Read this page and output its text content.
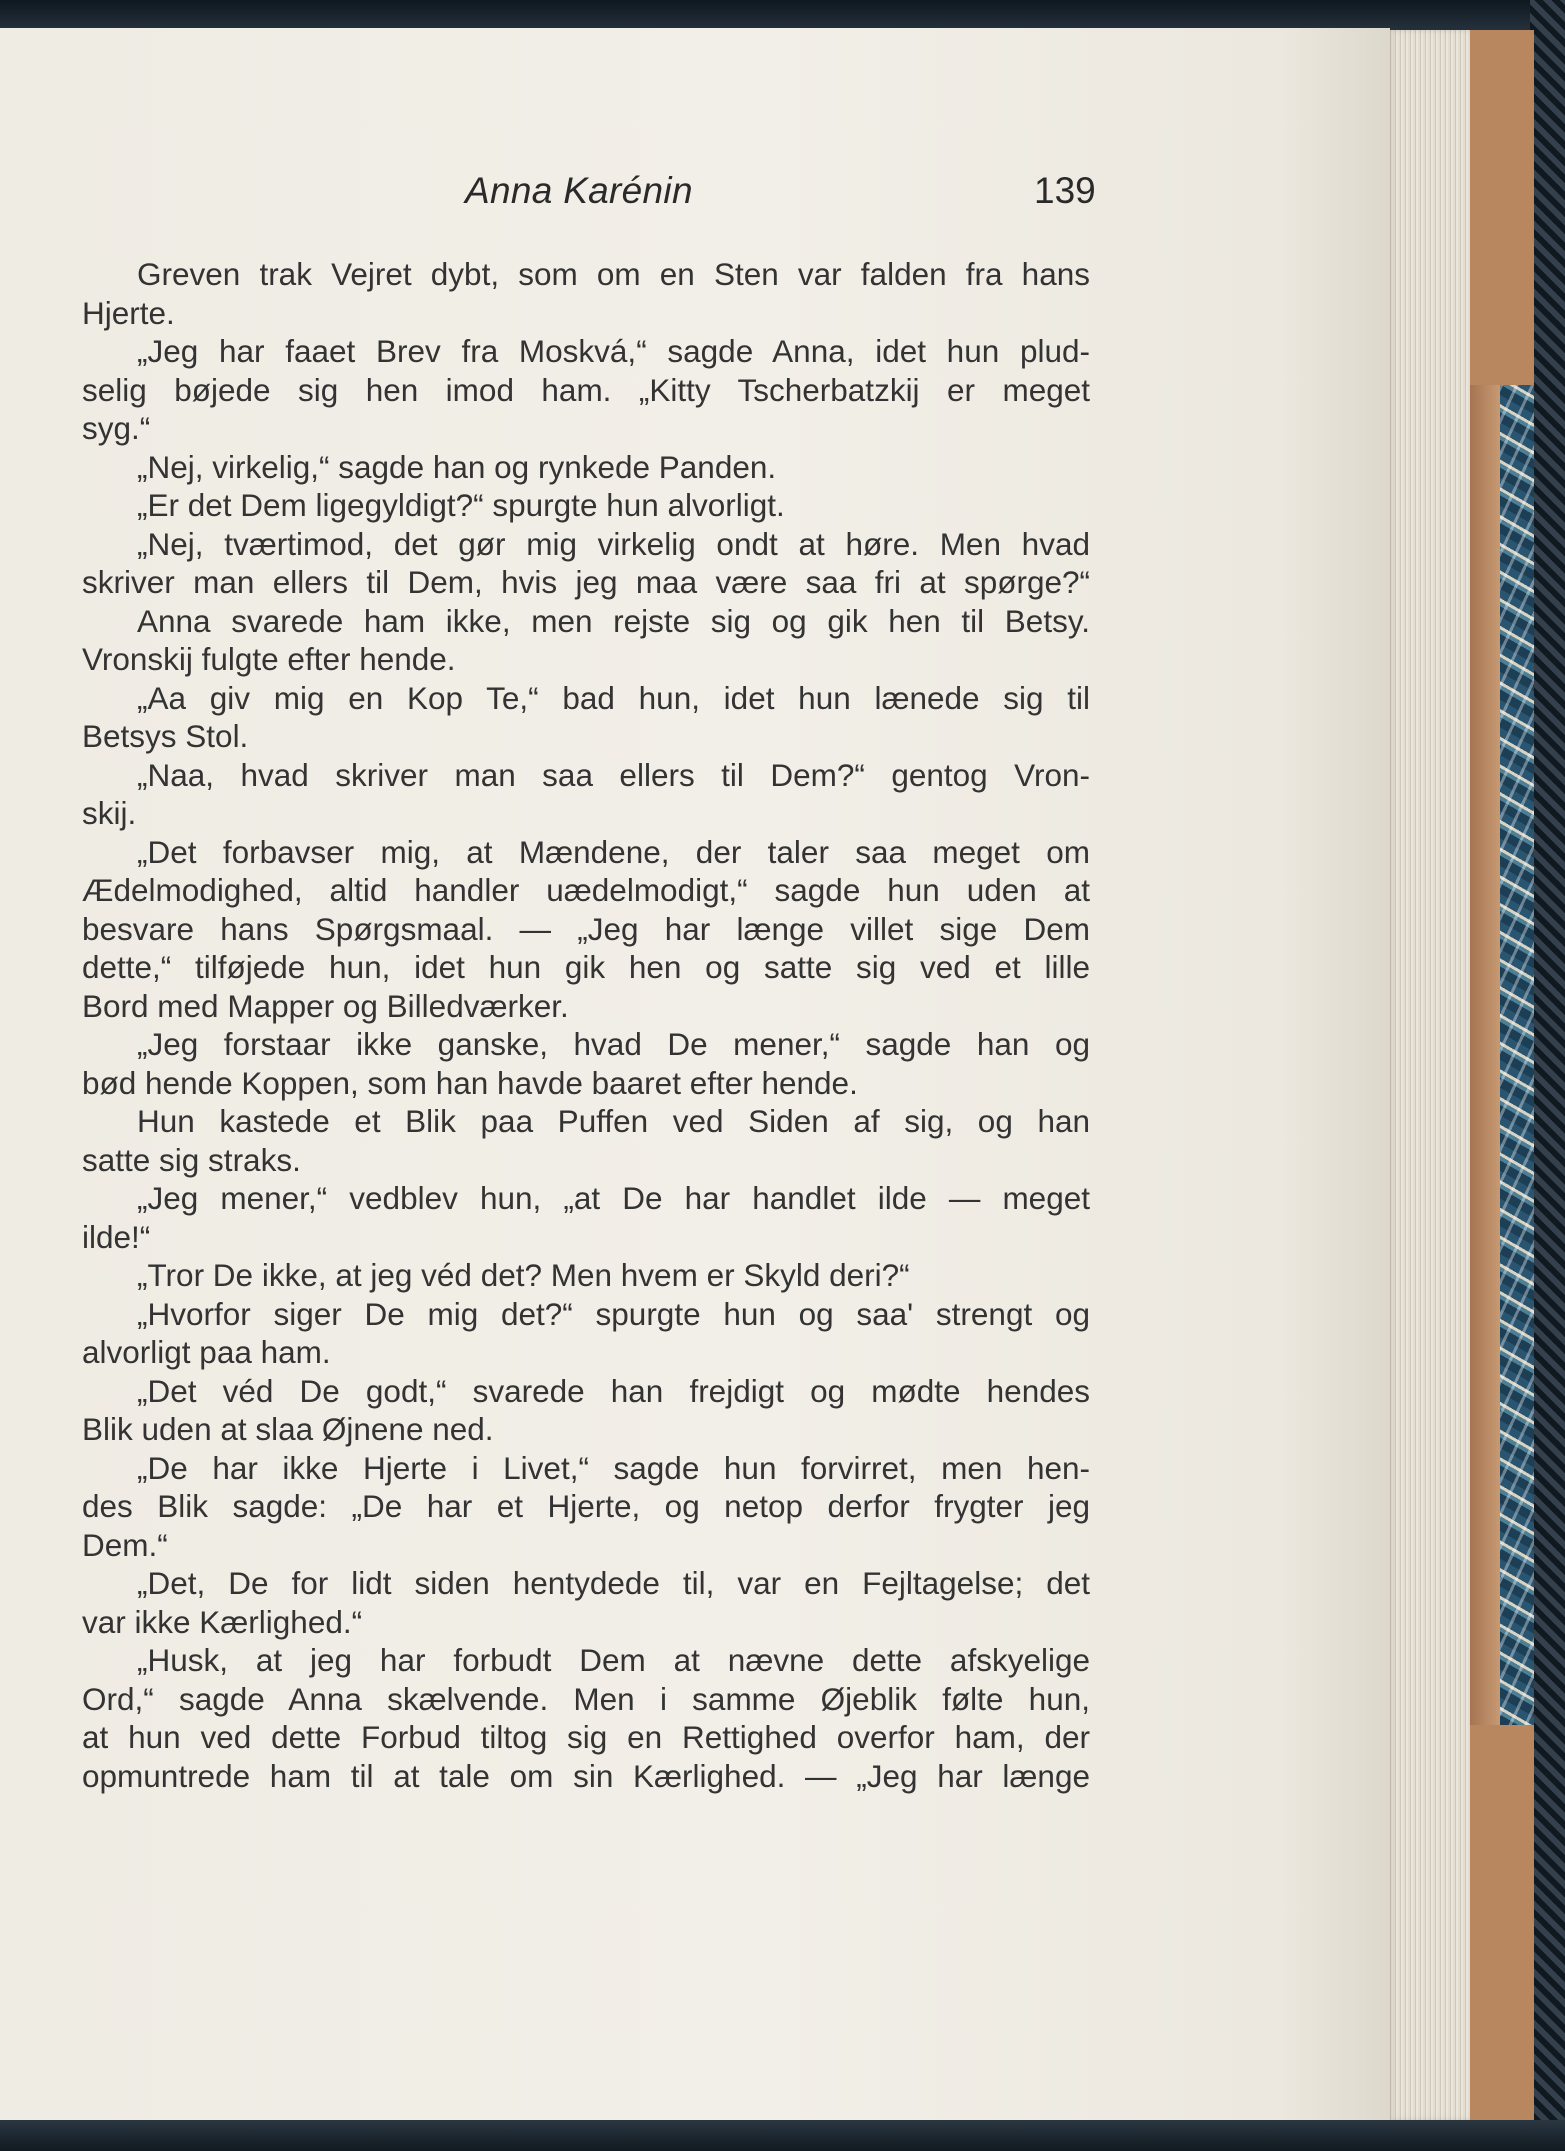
Anna Karénin	139
Greven trak Vejret dybt, som om en Sten var falden fra hans
Hjerte.
„Jeg har faaet Brev fra Moskvá,“ sagde Anna, idet hun plud-
selig bøjede sig hen imod ham. „Kitty Tscherbatzkij er meget
syg.“
„Nej, virkelig,“ sagde han og rynkede Panden.
„Er det Dem ligegyldigt?“ spurgte hun alvorligt.
„Nej, tværtimod, det gør mig virkelig ondt at høre. Men hvad
skriver man ellers til Dem, hvis jeg maa være saa fri at spørge?“
Anna svarede ham ikke, men rejste sig og gik hen til Betsy.
Vronskij fulgte efter hende.
„Aa giv mig en Kop Te,“ bad hun, idet hun lænede sig til
Betsys Stol.
„Naa, hvad skriver man saa ellers til Dem?“ gentog Vron-
skij.
„Det forbavser mig, at Mændene, der taler saa meget om
Ædelmodighed, altid handler uædelmodigt,“ sagde hun uden at
besvare hans Spørgsmaal. — „Jeg har længe villet sige Dem
dette,“ tilføjede hun, idet hun gik hen og satte sig ved et lille
Bord med Mapper og Billedværker.
„Jeg forstaar ikke ganske, hvad De mener,“ sagde han og
bød hende Koppen, som han havde baaret efter hende.
Hun kastede et Blik paa Puffen ved Siden af sig, og han
satte sig straks.
„Jeg mener,“ vedblev hun, „at De har handlet ilde — meget
ilde!“
„Tror De ikke, at jeg véd det? Men hvem er Skyld deri?“
„Hvorfor siger De mig det?“ spurgte hun og saa' strengt og
alvorligt paa ham.
„Det véd De godt,“ svarede han frejdigt og mødte hendes
Blik uden at slaa Øjnene ned.
„De har ikke Hjerte i Livet,“ sagde hun forvirret, men hen-
des Blik sagde: „De har et Hjerte, og netop derfor frygter jeg
Dem.“
„Det, De for lidt siden hentydede til, var en Fejltagelse; det
var ikke Kærlighed.“
„Husk, at jeg har forbudt Dem at nævne dette afskyelige
Ord,“ sagde Anna skælvende. Men i samme Øjeblik følte hun,
at hun ved dette Forbud tiltog sig en Rettighed overfor ham, der
opmuntrede ham til at tale om sin Kærlighed. — „Jeg har længe
